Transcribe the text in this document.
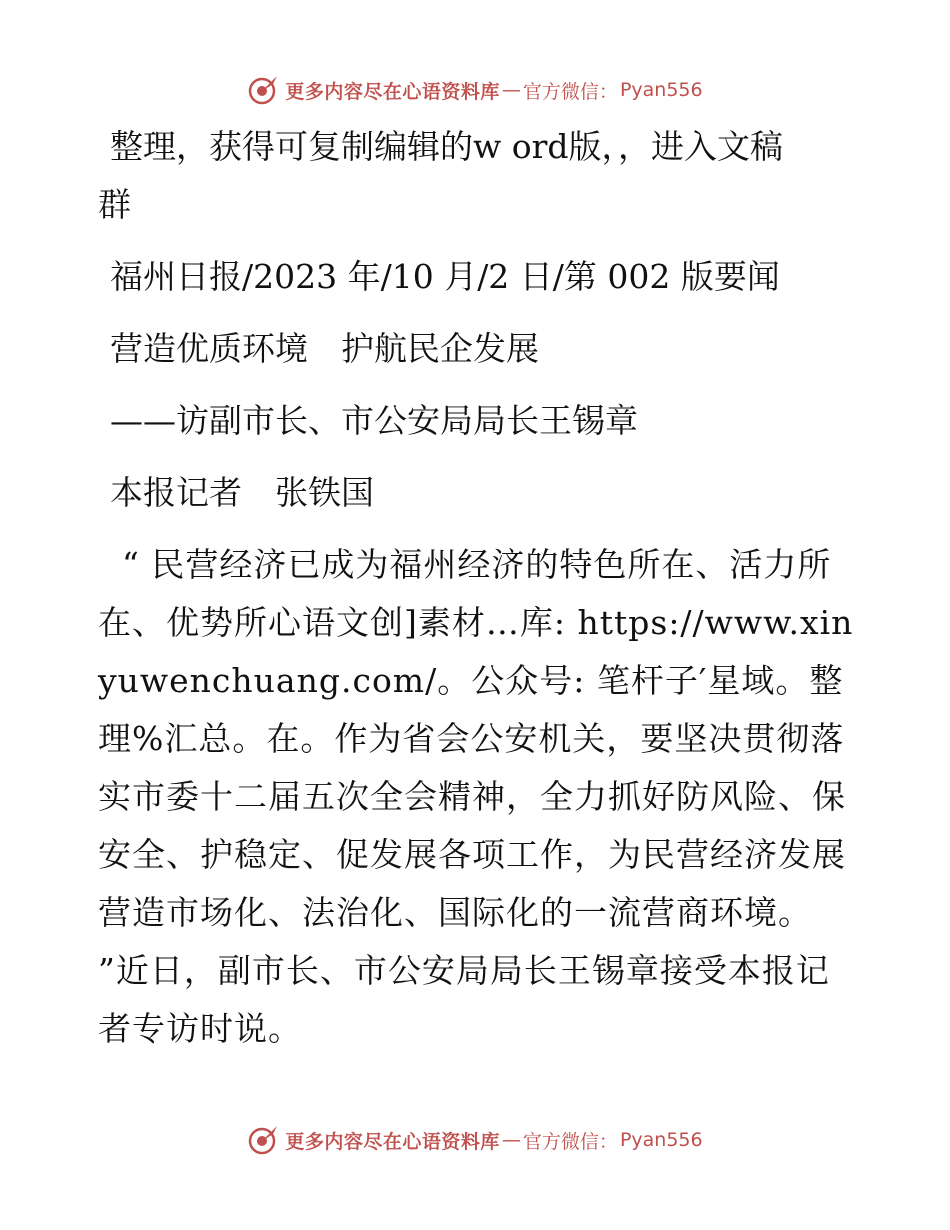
更多内容尽在心语资料库 — 官方微信： Pyan556
整理，获得可复制编辑的w ord版，，进入文稿
群
福州日报/2023 年/10 月/2 日/第 002 版要闻
营造优质环境　护航民企发展
——访副市长、市公安局局长王锡章
本报记者　张铁国
“ 民营经济已成为福州经济的特色所在、活力所在、优势所心语文创]素材…库: https://www.xinyuwenchuang.com/。公众号: 笔杆子′星域。整理%汇总。在。作为省会公安机关，要坚决贯彻落实市委十二届五次全会精神，全力抓好防风险、保安全、护稳定、促发展各项工作，为民营经济发展营造市场化、法治化、国际化的一流营商环境。 ”近日，副市长、市公安局局长王锡章接受本报记者专访时说。
更多内容尽在心语资料库 — 官方微信： Pyan556
